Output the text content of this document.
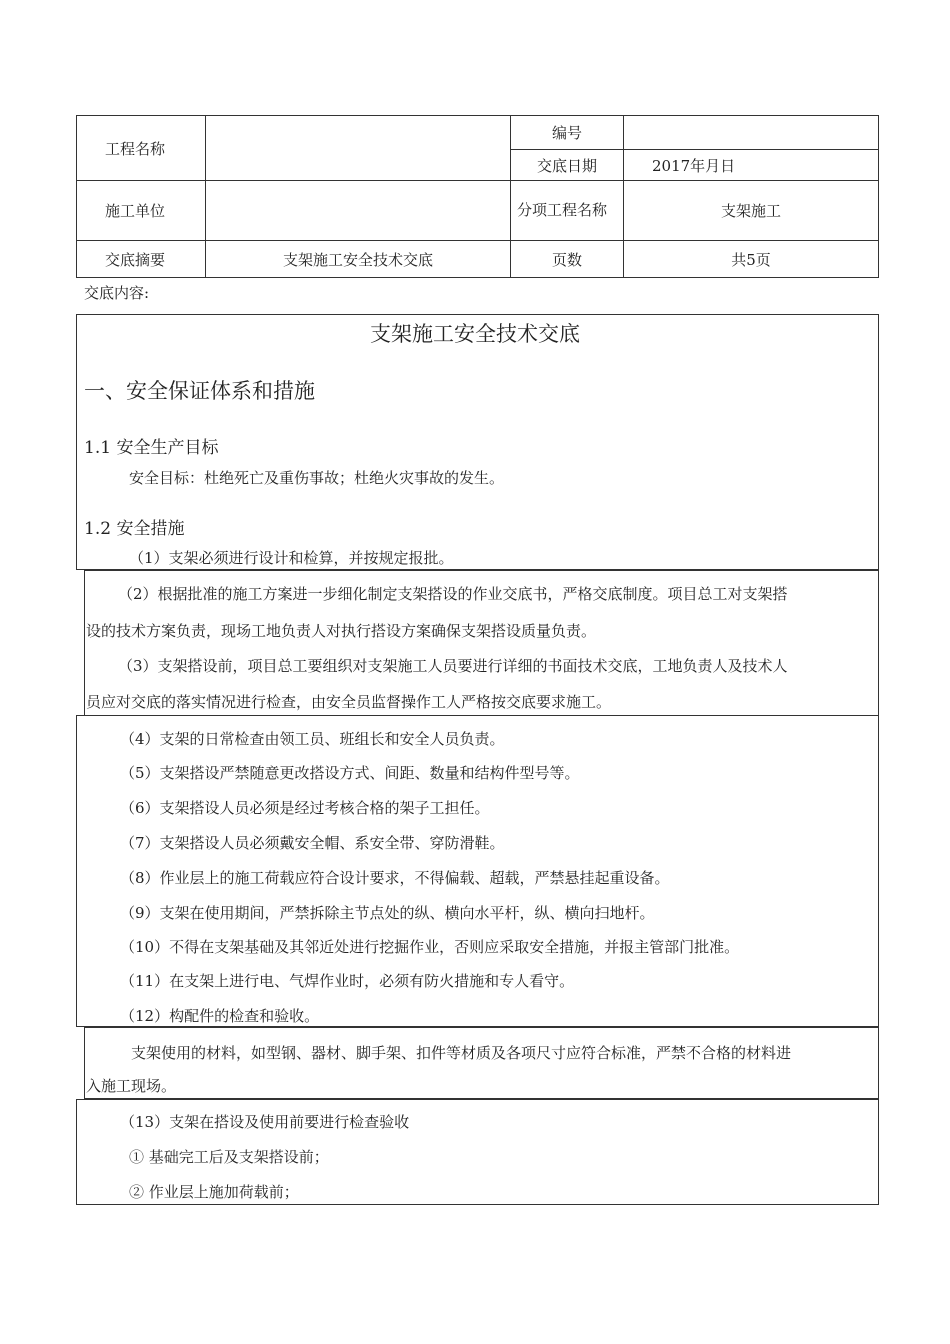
工程名称		编号	
		交底日期	2017年月日
施工单位		分项工程名称	支架施工
交底摘要	支架施工安全技术交底	页数	共5页
交底内容:
支架施工安全技术交底
一、安全保证体系和措施
1.1 安全生产目标
安全目标：杜绝死亡及重伤事故；杜绝火灾事故的发生。
1.2 安全措施
（1）支架必须进行设计和检算，并按规定报批。
（2）根据批准的施工方案进一步细化制定支架搭设的作业交底书，严格交底制度。项目总工对支架搭
设的技术方案负责，现场工地负责人对执行搭设方案确保支架搭设质量负责。
（3）支架搭设前，项目总工要组织对支架施工人员要进行详细的书面技术交底，工地负责人及技术人
员应对交底的落实情况进行检查，由安全员监督操作工人严格按交底要求施工。
（4）支架的日常检查由领工员、班组长和安全人员负责。
（5）支架搭设严禁随意更改搭设方式、间距、数量和结构件型号等。
（6）支架搭设人员必须是经过考核合格的架子工担任。
（7）支架搭设人员必须戴安全帽、系安全带、穿防滑鞋。
（8）作业层上的施工荷载应符合设计要求，不得偏载、超载，严禁悬挂起重设备。
（9）支架在使用期间，严禁拆除主节点处的纵、横向水平杆，纵、横向扫地杆。
（10）不得在支架基础及其邻近处进行挖掘作业，否则应采取安全措施，并报主管部门批准。
（11）在支架上进行电、气焊作业时，必须有防火措施和专人看守。
（12）构配件的检查和验收。
支架使用的材料，如型钢、器材、脚手架、扣件等材质及各项尺寸应符合标准，严禁不合格的材料进
入施工现场。
（13）支架在搭设及使用前要进行检查验收
① 基础完工后及支架搭设前；
② 作业层上施加荷载前；
